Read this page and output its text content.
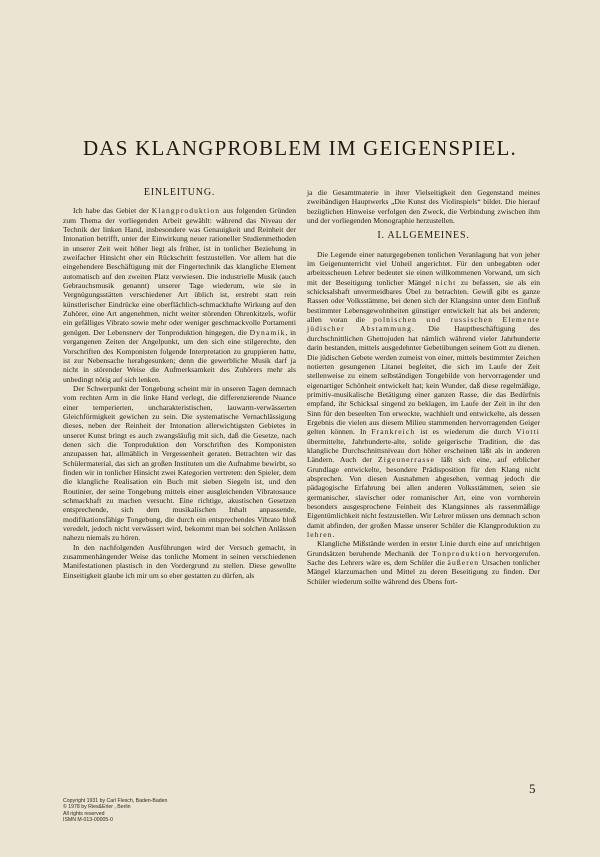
DAS KLANGPROBLEM IM GEIGENSPIEL.
EINLEITUNG.

Ich habe das Gebiet der Klangproduktion aus folgenden Gründen zum Thema der vorliegenden Arbeit gewählt: während das Niveau der Technik der linken Hand, insbesondere was Genauigkeit und Reinheit der Intonation betrifft, unter der Einwirkung neuer rationeller Studienmethoden in unserer Zeit weit höher liegt als früher, ist in tonlicher Beziehung in zweifacher Hinsicht eher ein Rückschritt festzustellen. Vor allem hat die eingehendere Beschäftigung mit der Fingertechnik das klangliche Element automatisch auf den zweiten Platz verwiesen. Die industrielle Musik (auch Gebrauchsmusik genannt) unserer Tage wiederum, wie sie in Vergnügungsstätten verschiedener Art üblich ist, erstrebt statt rein künstlerischer Eindrücke eine oberflächlich-schmackhafte Wirkung auf den Zuhörer, eine Art angenehmen, nicht weiter störenden Ohrenkitzels, wofür ein gefälliges Vibrato sowie mehr oder weniger geschmackvolle Portamenti genügen. Der Lebensnerv der Tonproduktion hingegen, die Dynamik, in vergangenen Zeiten der Angelpunkt, um den sich eine stilgerechte, den Vorschriften des Komponisten folgende Interpretation zu gruppieren hatte, ist zur Nebensache herabgesunken; denn die gewerbliche Musik darf ja nicht in störender Weise die Aufmerksamkeit des Zuhörers mehr als unbedingt nötig auf sich lenken.

Der Schwerpunkt der Tongebung scheint mir in unseren Tagen demnach vom rechten Arm in die linke Hand verlegt, die differenzierende Nuance einer temperierten, uncharakteristischen, lauwarm-verwässerten Gleichförmigkeit gewichen zu sein. Die systematische Vernachlässigung dieses, neben der Reinheit der Intonation allerwichtigsten Gebietes in unserer Kunst bringt es auch zwangsläufig mit sich, daß die Gesetze, nach denen sich die Tonproduktion den Vorschriften des Komponisten anzupassen hat, allmählich in Vergessenheit geraten. Betrachten wir das Schülermaterial, das sich an großen Instituten um die Aufnahme bewirbt, so finden wir in tonlicher Hinsicht zwei Kategorien vertreten: den Spieler, dem die klangliche Realisation ein Buch mit sieben Siegeln ist, und den Routinier, der seine Tongebung mittels einer ausgleichenden Vibratosauce schmackhaft zu machen versucht. Eine richtige, akustischen Gesetzen entsprechende, sich dem musikalischen Inhalt anpassende, modifikationsfähige Tongebung, die durch ein entsprechendes Vibrato bloß veredelt, jedoch nicht verwässert wird, bekommt man bei solchen Anlässen nahezu niemals zu hören.

In den nachfolgenden Ausführungen wird der Versuch gemacht, in zusammenhängender Weise das tonliche Moment in seinen verschiedenen Manifestationen plastisch in den Vordergrund zu stellen. Diese gewollte Einseitigkeit glaube ich mir um so eher gestatten zu dürfen, als

ja die Gesamtmaterie in ihrer Vielseitigkeit den Gegenstand meines zweibändigen Hauptwerks „Die Kunst des Violinspiels“ bildet. Die hierauf bezüglichen Hinweise verfolgen den Zweck, die Verbindung zwischen ihm und der vorliegenden Monographie herzustellen.

I. ALLGEMEINES.

Die Legende einer naturgegebenen tonlichen Veranlagung hat von jeher im Geigenunterricht viel Unheil angerichtet. Für den unbegabten oder arbeitsscheuen Lehrer bedeutet sie einen willkommenen Vorwand, um sich mit der Beseitigung tonlicher Mängel nicht zu befassen, sie als ein schicksalshaft unvermeidbares Übel zu betrachten. Gewiß gibt es ganze Rassen oder Volksstämme, bei denen sich der Klangsinn unter dem Einfluß bestimmter Lebensgewohnheiten günstiger entwickelt hat als bei anderen; allen voran die polnischen und russischen Elemente jüdischer Abstammung. Die Hauptbeschäftigung des durchschnittlichen Ghettojuden hat nämlich während vieler Jahrhunderte darin bestanden, mittels ausgedehnter Gebetübungen seinem Gott zu dienen. Die jüdischen Gebete werden zumeist von einer, mittels bestimmter Zeichen notierten gesungenen Litanei begleitet, die sich im Laufe der Zeit stellenweise zu einem selbständigen Tongebilde von hervorragender und eigenartiger Schönheit entwickelt hat; kein Wunder, daß diese regelmäßige, primitiv-musikalische Betätigung einer ganzen Rasse, die das Bedürfnis empfand, ihr Schicksal singend zu beklagen, im Laufe der Zeit in ihr den Sinn für den beseelten Ton erweckte, wachhielt und entwickelte, als dessen Ergebnis die vielen aus diesem Milieu stammenden hervorragenden Geiger gelten können. In Frankreich ist es wiederum die durch Viotti übermittelte, Jahrhunderte-alte, solide geigerische Tradition, die das klangliche Durchschnittsniveau dort höher erscheinen läßt als in anderen Ländern. Auch der Zigeunerrasse läßt sich eine, auf erblicher Grundlage entwickelte, besondere Prädisposition für den Klang nicht absprechen. Von diesen Ausnahmen abgesehen, vermag jedoch die pädagogische Erfahrung bei allen anderen Volksstämmen, seien sie germanischer, slavischer oder romanischer Art, eine von vornherein besonders ausgesprochene Feinheit des Klangsinnes als rassenmäßige Eigentümlichkeit nicht festzustellen. Wir Lehrer müssen uns demnach schon damit abfinden, der großen Masse unserer Schüler die Klangproduktion zu lehren.

Klangliche Mißstände werden in erster Linie durch eine auf unrichtigen Grundsätzen beruhende Mechanik der Tonproduktion hervorgerufen. Sache des Lehrers wäre es, dem Schüler die äußeren Ursachen tonlicher Mängel klarzumachen und Mittel zu deren Beseitigung zu finden. Der Schüler wiederum sollte während des Übens fort-

Copyright 1931 by Carl Flesch, Baden-Baden
© 1978 by Ries&Erler , Berlin
All rights reserved
ISMN M-013-00005-0
5
